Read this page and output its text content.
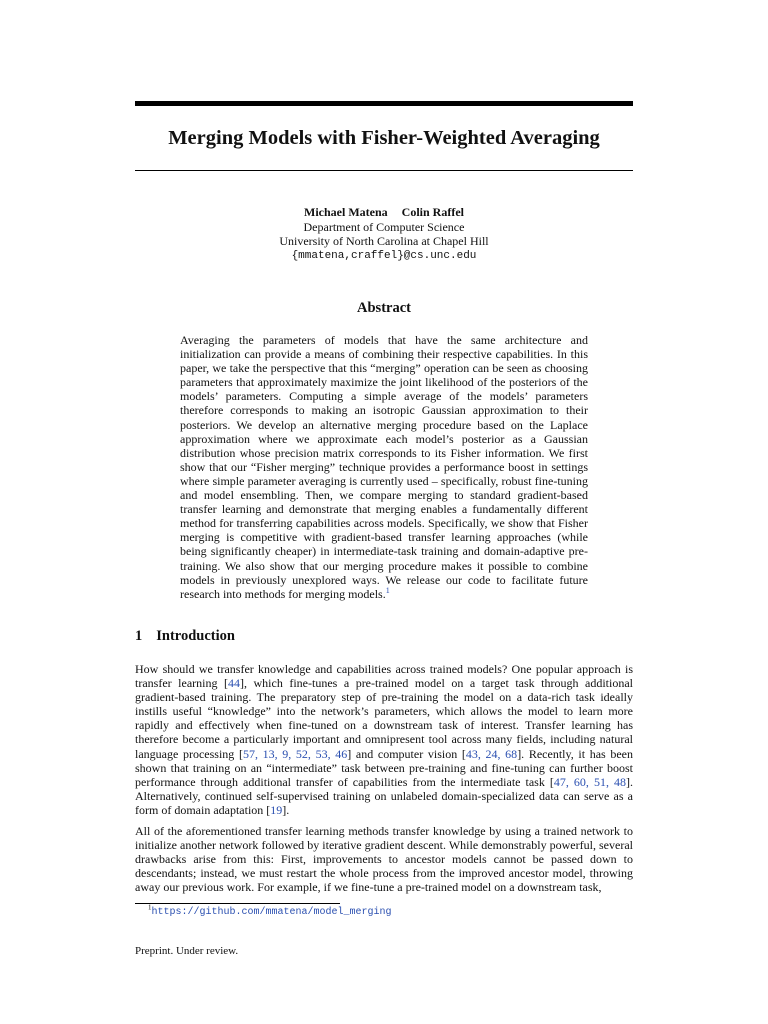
Merging Models with Fisher-Weighted Averaging
Michael Matena Colin Raffel
Department of Computer Science
University of North Carolina at Chapel Hill
{mmatena,craffel}@cs.unc.edu
Abstract

Averaging the parameters of models that have the same architecture and initialization can provide a means of combining their respective capabilities. In this paper, we take the perspective that this “merging” operation can be seen as choosing parameters that approximately maximize the joint likelihood of the posteriors of the models’ parameters. Computing a simple average of the models’ parameters therefore corresponds to making an isotropic Gaussian approximation to their posteriors. We develop an alternative merging procedure based on the Laplace approximation where we approximate each model’s posterior as a Gaussian distribution whose precision matrix corresponds to its Fisher information. We first show that our “Fisher merging” technique provides a performance boost in settings where simple parameter averaging is currently used – specifically, robust fine-tuning and model ensembling. Then, we compare merging to standard gradient-based transfer learning and demonstrate that merging enables a fundamentally different method for transferring capabilities across models. Specifically, we show that Fisher merging is competitive with gradient-based transfer learning approaches (while being significantly cheaper) in intermediate-task training and domain-adaptive pre-training. We also show that our merging procedure makes it possible to combine models in previously unexplored ways. We release our code to facilitate future research into methods for merging models.$^1$

1 Introduction

How should we transfer knowledge and capabilities across trained models? One popular approach is transfer learning [44], which fine-tunes a pre-trained model on a target task through additional gradient-based training. The preparatory step of pre-training the model on a data-rich task ideally instills useful “knowledge” into the network’s parameters, which allows the model to learn more rapidly and effectively when fine-tuned on a downstream task of interest. Transfer learning has therefore become a particularly important and omnipresent tool across many fields, including natural language processing [57, 13, 9, 52, 53, 46] and computer vision [43, 24, 68]. Recently, it has been shown that training on an “intermediate” task between pre-training and fine-tuning can further boost performance through additional transfer of capabilities from the intermediate task [47, 60, 51, 48]. Alternatively, continued self-supervised training on unlabeled domain-specialized data can serve as a form of domain adaptation [19].

All of the aforementioned transfer learning methods transfer knowledge by using a trained network to initialize another network followed by iterative gradient descent. While demonstrably powerful, several drawbacks arise from this: First, improvements to ancestor models cannot be passed down to descendants; instead, we must restart the whole process from the improved ancestor model, throwing away our previous work. For example, if we fine-tune a pre-trained model on a downstream task,

$^1$https://github.com/mmatena/model_merging
Preprint. Under review.
